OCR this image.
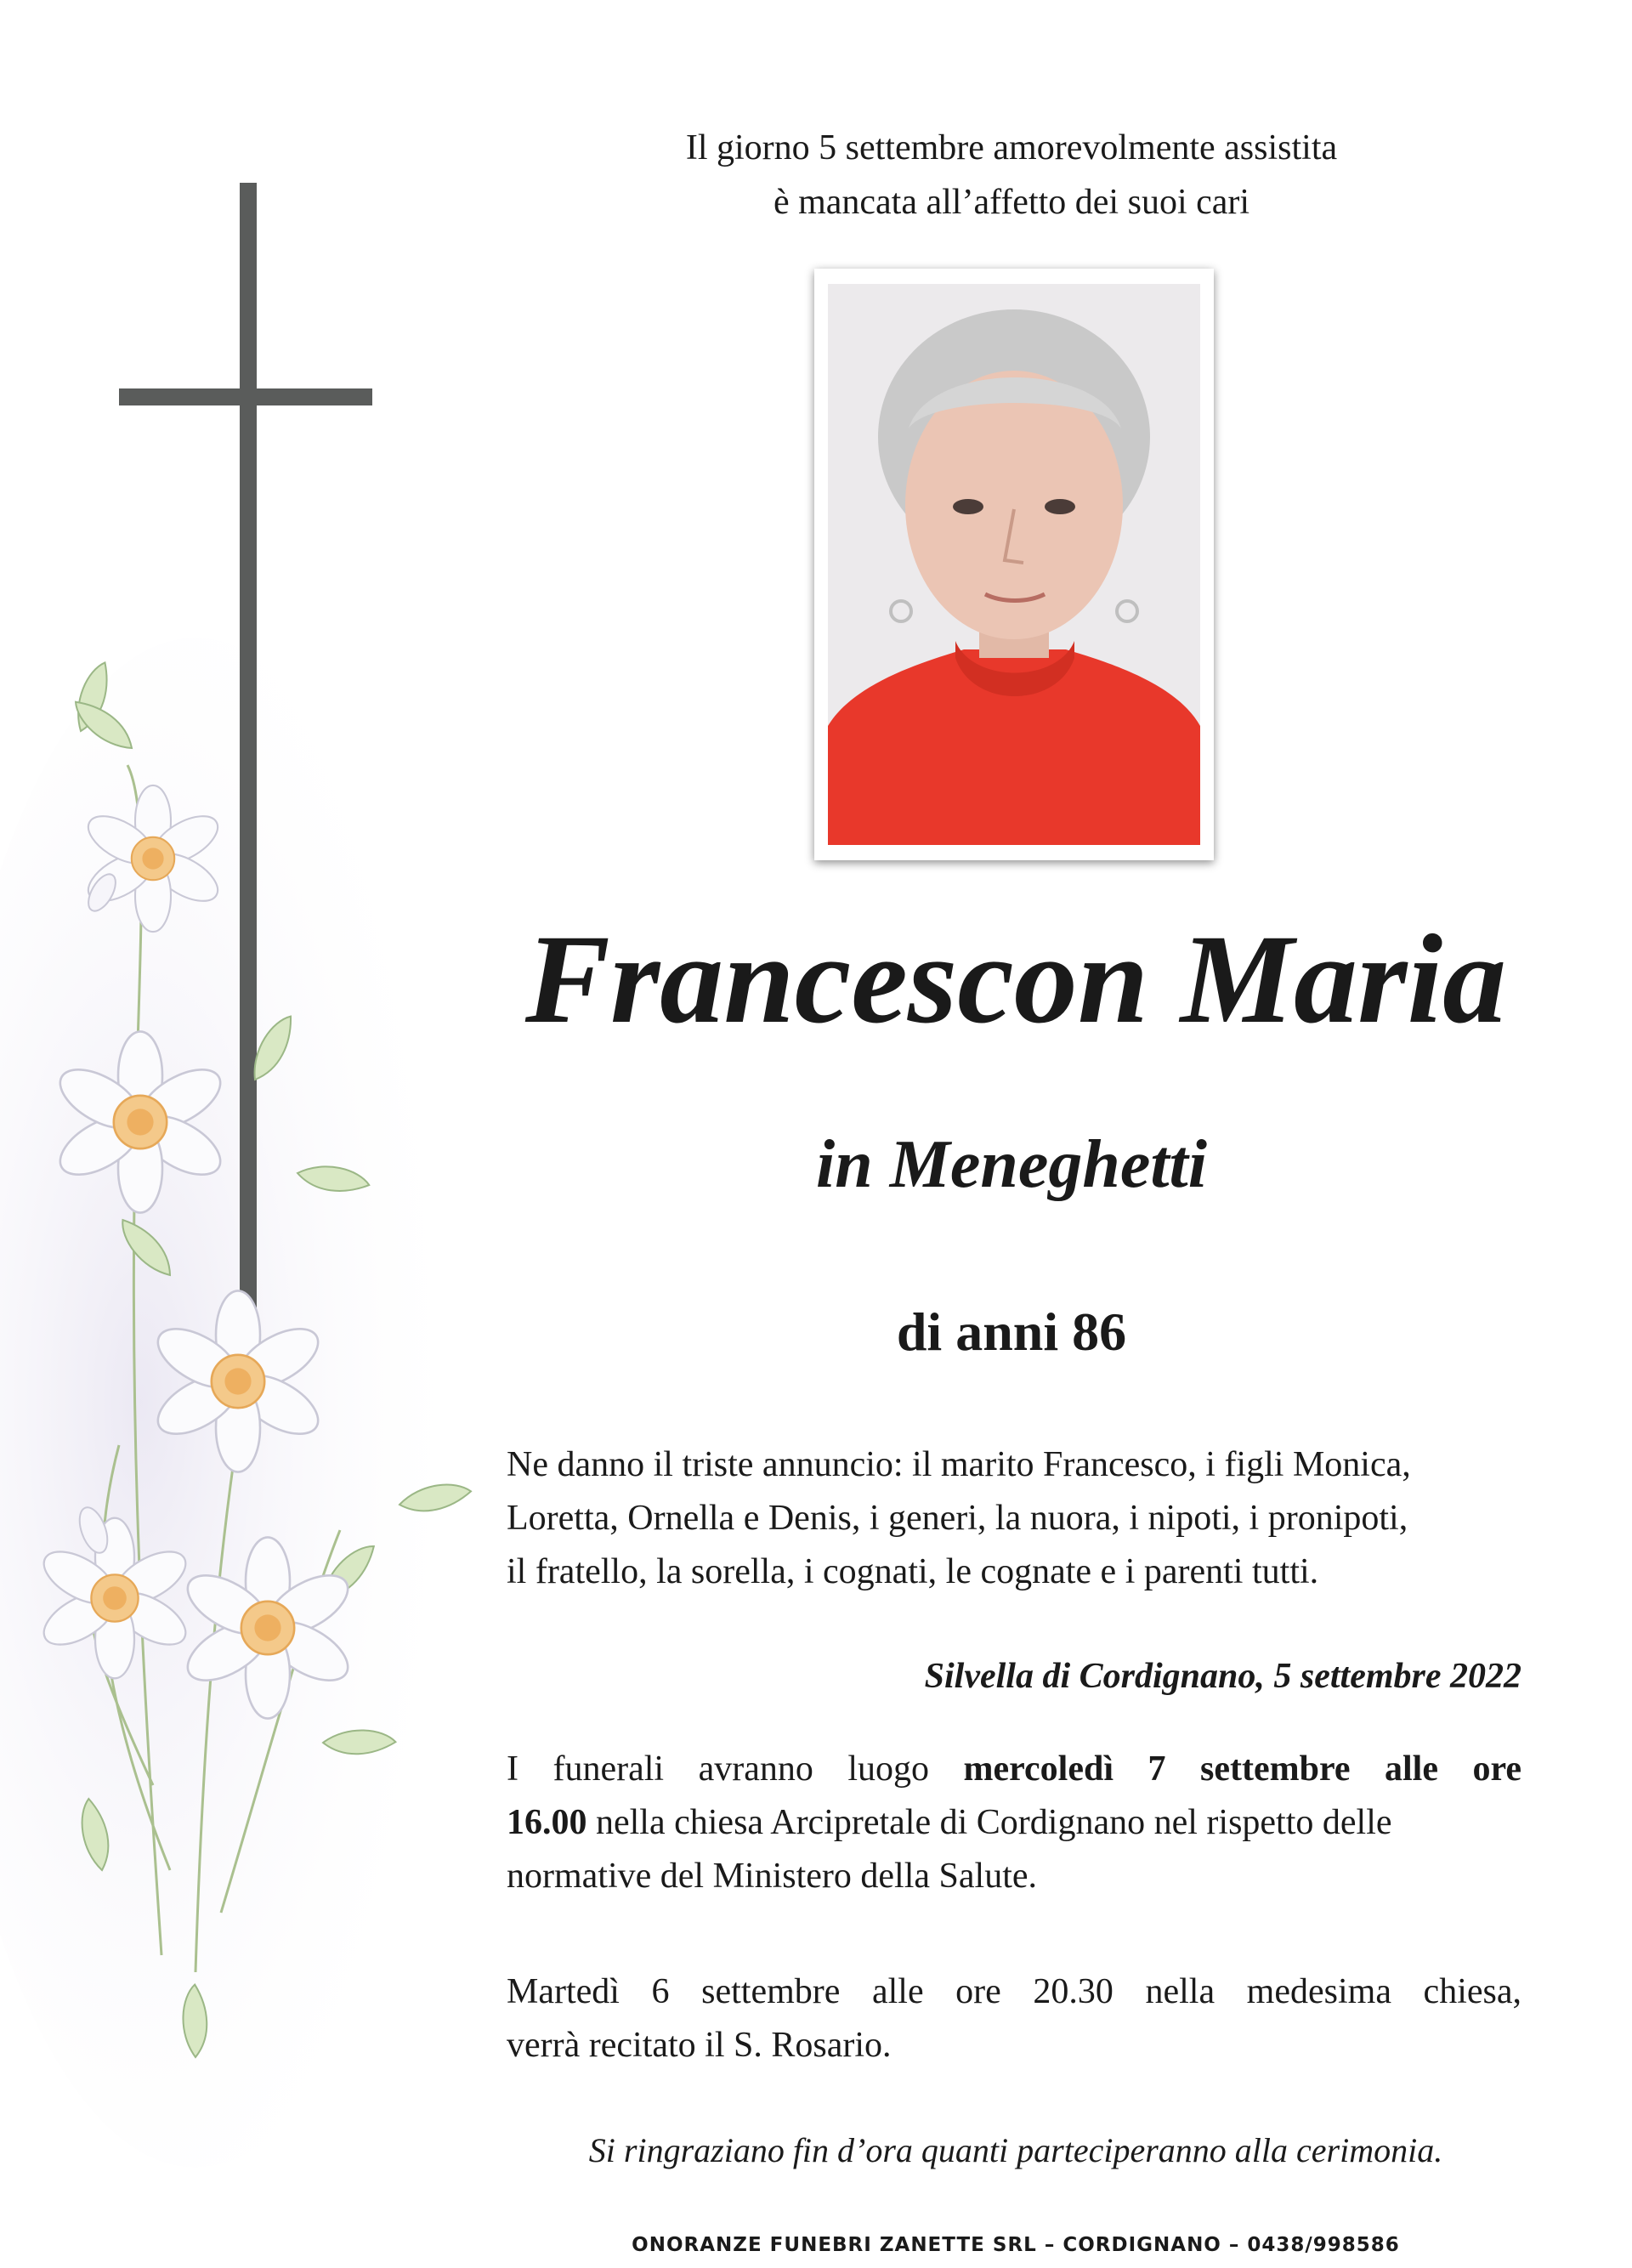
Il giorno 5 settembre amorevolmente assistita
è mancata all’affetto dei suoi cari
Francescon Maria
in Meneghetti
di anni 86
Ne danno il triste annuncio: il marito Francesco, i figli Monica,
Loretta, Ornella e Denis, i generi, la nuora, i nipoti, i pronipoti,
il fratello, la sorella, i cognati, le cognate e i parenti tutti.
Silvella di Cordignano, 5 settembre 2022
I funerali avranno luogo mercoledì 7 settembre alle ore
16.00 nella chiesa Arcipretale di Cordignano nel rispetto delle
normative del Ministero della Salute.
Martedì 6 settembre alle ore 20.30 nella medesima chiesa,
verrà recitato il S. Rosario.
Si ringraziano fin d’ora quanti parteciperanno alla cerimonia.
ONORANZE FUNEBRI ZANETTE SRL – CORDIGNANO – 0438/998586
